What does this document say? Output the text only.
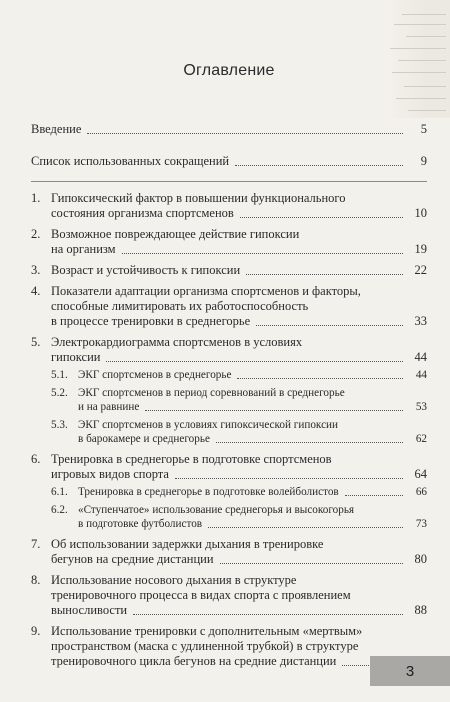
Оглавление
Введение	5
Список использованных сокращений	9
1. Гипоксический фактор в повышении функционального
состояния организма спортсменов	10
2. Возможное повреждающее действие гипоксии
на организм	19
3. Возраст и устойчивость к гипоксии	22
4. Показатели адаптации организма спортсменов и факторы,
способные лимитировать их работоспособность
в процессе тренировки в среднегорье	33
5. Электрокардиограмма спортсменов в условиях
гипоксии	44
5.1. ЭКГ спортсменов в среднегорье	44
5.2. ЭКГ спортсменов в период соревнований в среднегорье
и на равнине	53
5.3. ЭКГ спортсменов в условиях гипоксической гипоксии
в барокамере и среднегорье	62
6. Тренировка в среднегорье в подготовке спортсменов
игровых видов спорта	64
6.1. Тренировка в среднегорье в подготовке волейболистов	66
6.2. «Ступенчатое» использование среднегорья и высокогорья
в подготовке футболистов	73
7. Об использовании задержки дыхания в тренировке
бегунов на средние дистанции	80
8. Использование носового дыхания в структуре
тренировочного процесса в видах спорта с проявлением
выносливости	88
9. Использование тренировки с дополнительным «мертвым»
пространством (маска с удлиненной трубкой) в структуре
тренировочного цикла бегунов на средние дистанции
3
